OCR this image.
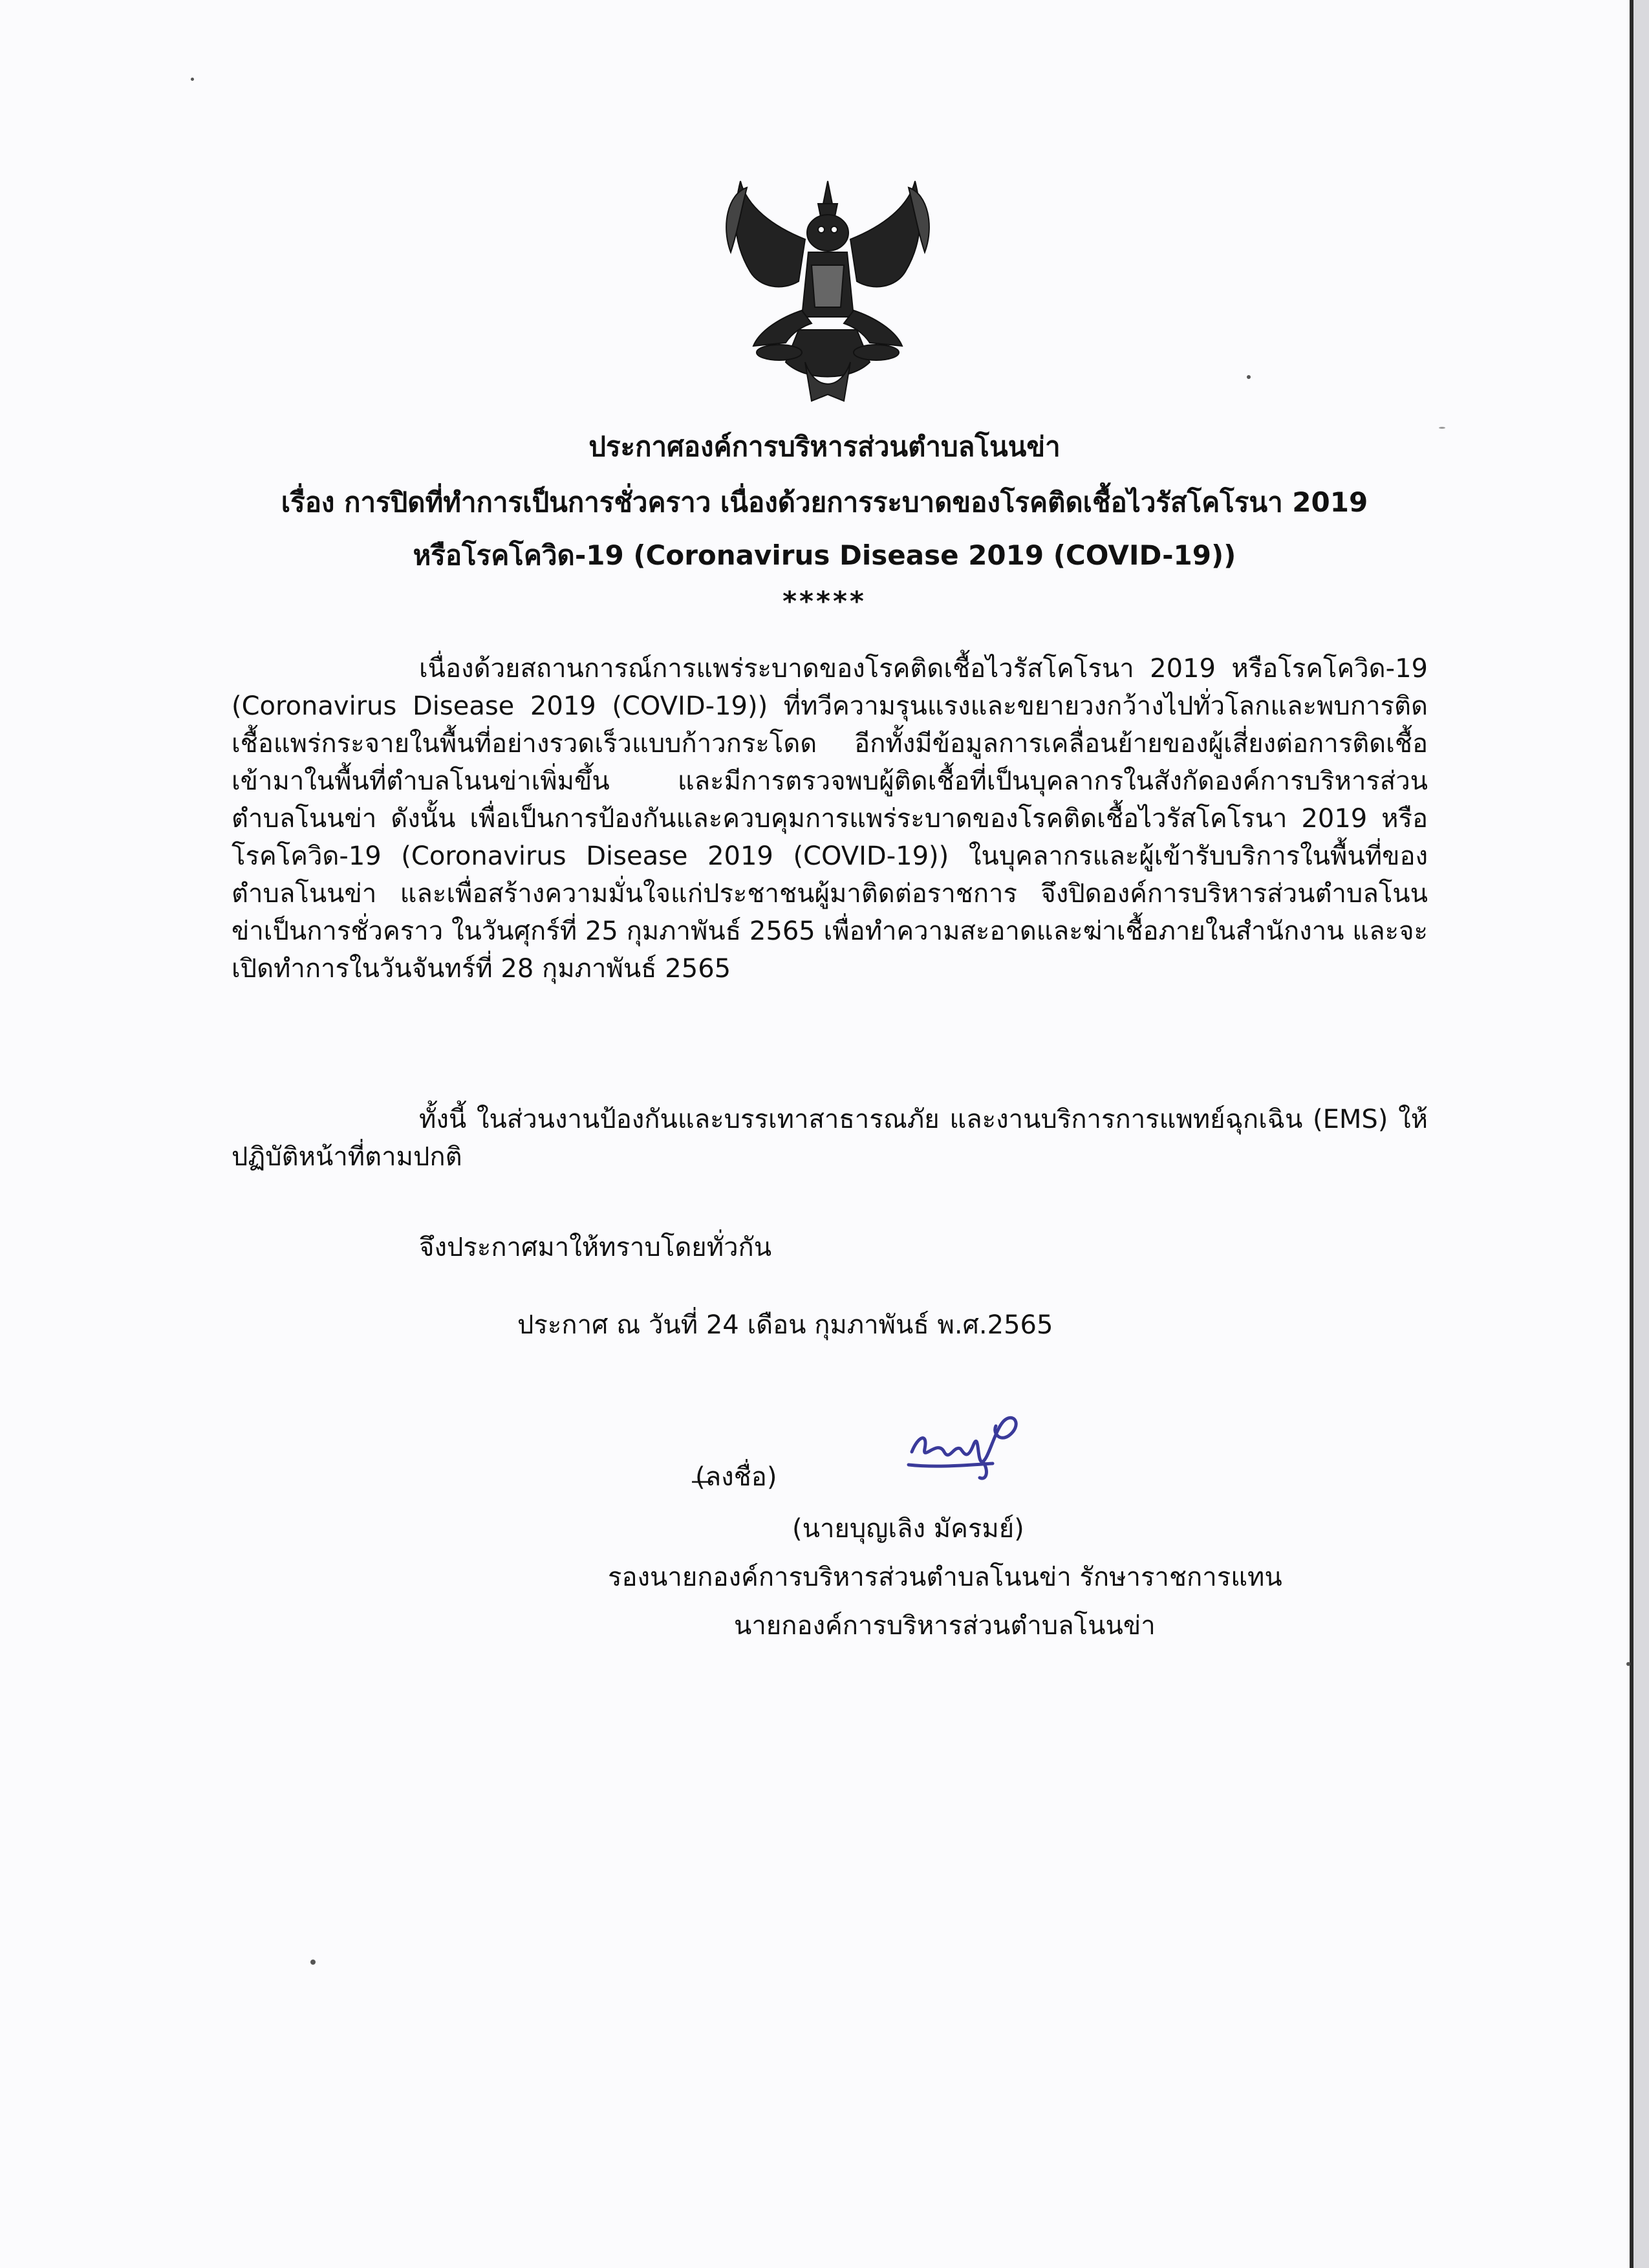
ประกาศองค์การบริหารส่วนตำบลโนนข่า
เรื่อง การปิดที่ทำการเป็นการชั่วคราว เนื่องด้วยการระบาดของโรคติดเชื้อไวรัสโคโรนา 2019
หรือโรคโควิด-19 (Coronavirus Disease 2019 (COVID-19))
*****
เนื่องด้วยสถานการณ์การแพร่ระบาดของโรคติดเชื้อไวรัสโคโรนา 2019 หรือโรคโควิด-19 (Coronavirus Disease 2019 (COVID-19)) ที่ทวีความรุนแรงและขยายวงกว้างไปทั่วโลกและพบการติดเชื้อแพร่กระจายในพื้นที่อย่างรวดเร็วแบบก้าวกระโดด อีกทั้งมีข้อมูลการเคลื่อนย้ายของผู้เสี่ยงต่อการติดเชื้อเข้ามาในพื้นที่ตำบลโนนข่าเพิ่มขึ้น และมีการตรวจพบผู้ติดเชื้อที่เป็นบุคลากรในสังกัดองค์การบริหารส่วนตำบลโนนข่า ดังนั้น เพื่อเป็นการป้องกันและควบคุมการแพร่ระบาดของโรคติดเชื้อไวรัสโคโรนา 2019 หรือโรคโควิด-19 (Coronavirus Disease 2019 (COVID-19)) ในบุคลากรและผู้เข้ารับบริการในพื้นที่ของตำบลโนนข่า และเพื่อสร้างความมั่นใจแก่ประชาชนผู้มาติดต่อราชการ จึงปิดองค์การบริหารส่วนตำบลโนนข่าเป็นการชั่วคราว ในวันศุกร์ที่ 25 กุมภาพันธ์ 2565 เพื่อทำความสะอาดและฆ่าเชื้อภายในสำนักงาน และจะเปิดทำการในวันจันทร์ที่ 28 กุมภาพันธ์ 2565
ทั้งนี้ ในส่วนงานป้องกันและบรรเทาสาธารณภัย และงานบริการการแพทย์ฉุกเฉิน (EMS) ให้ปฏิบัติหน้าที่ตามปกติ
จึงประกาศมาให้ทราบโดยทั่วกัน
ประกาศ ณ วันที่ 24 เดือน กุมภาพันธ์ พ.ศ.2565
(ลงชื่อ)
(นายบุญเลิง มัครมย์)
รองนายกองค์การบริหารส่วนตำบลโนนข่า รักษาราชการแทน
นายกองค์การบริหารส่วนตำบลโนนข่า
